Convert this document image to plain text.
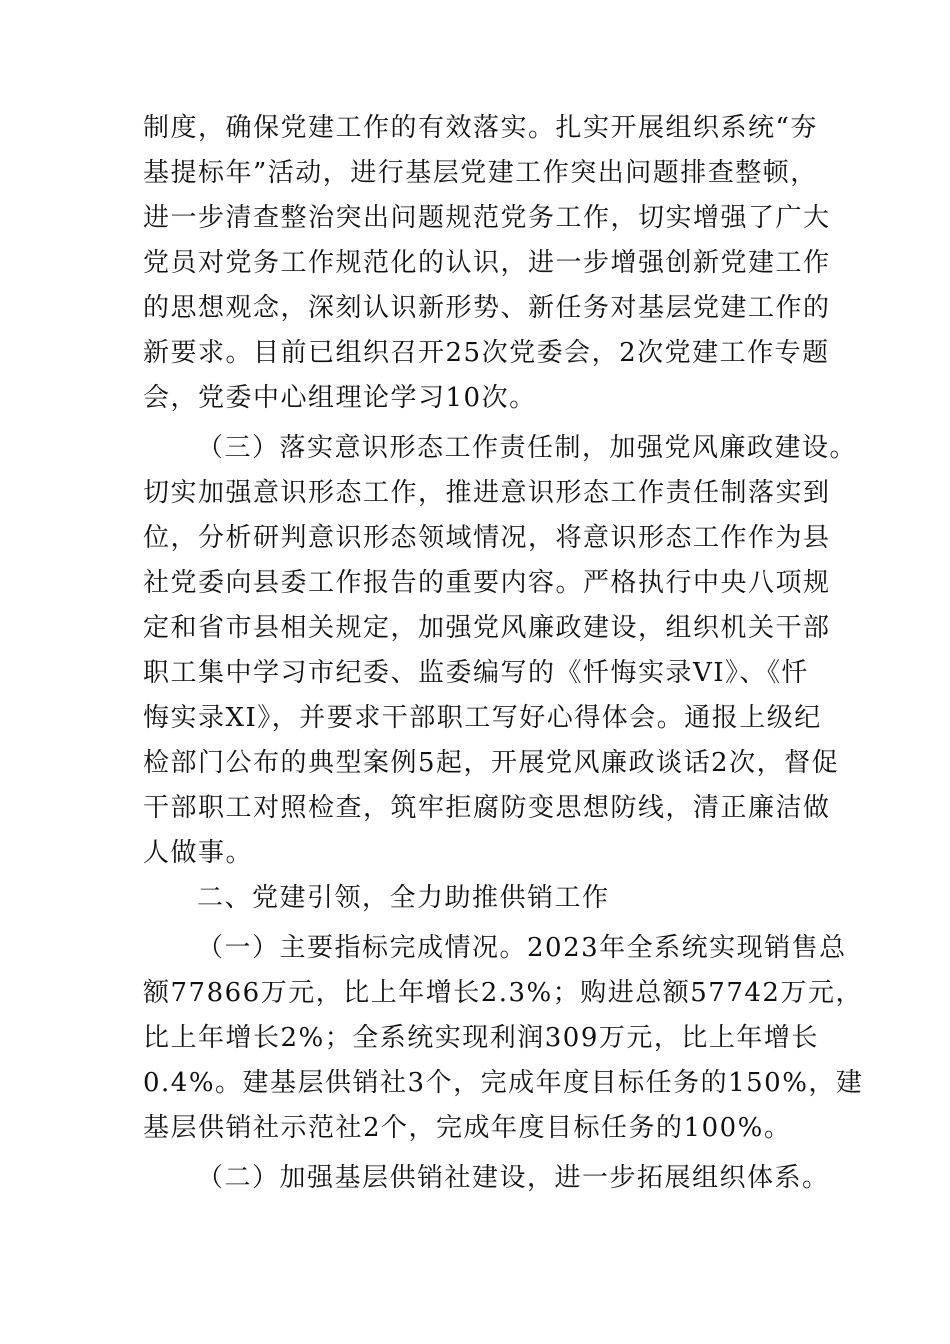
制度，确保党建工作的有效落实。扎实开展组织系统“夯
基提标年”活动，进行基层党建工作突出问题排查整顿，
进一步清查整治突出问题规范党务工作，切实增强了广大
党员对党务工作规范化的认识，进一步增强创新党建工作
的思想观念，深刻认识新形势、新任务对基层党建工作的
新要求。目前已组织召开25次党委会，2次党建工作专题
会，党委中心组理论学习10次。
（三）落实意识形态工作责任制，加强党风廉政建设。
切实加强意识形态工作，推进意识形态工作责任制落实到
位，分析研判意识形态领域情况，将意识形态工作作为县
社党委向县委工作报告的重要内容。严格执行中央八项规
定和省市县相关规定，加强党风廉政建设，组织机关干部
职工集中学习市纪委、监委编写的《忏悔实录VI》、《忏
悔实录XI》，并要求干部职工写好心得体会。通报上级纪
检部门公布的典型案例5起，开展党风廉政谈话2次，督促
干部职工对照检查，筑牢拒腐防变思想防线，清正廉洁做
人做事。
二、党建引领，全力助推供销工作
（一）主要指标完成情况。2023年全系统实现销售总
额77866万元，比上年增长2.3%；购进总额57742万元，
比上年增长2%；全系统实现利润309万元，比上年增长
0.4%。建基层供销社3个，完成年度目标任务的150%，建
基层供销社示范社2个，完成年度目标任务的100%。
（二）加强基层供销社建设，进一步拓展组织体系。
